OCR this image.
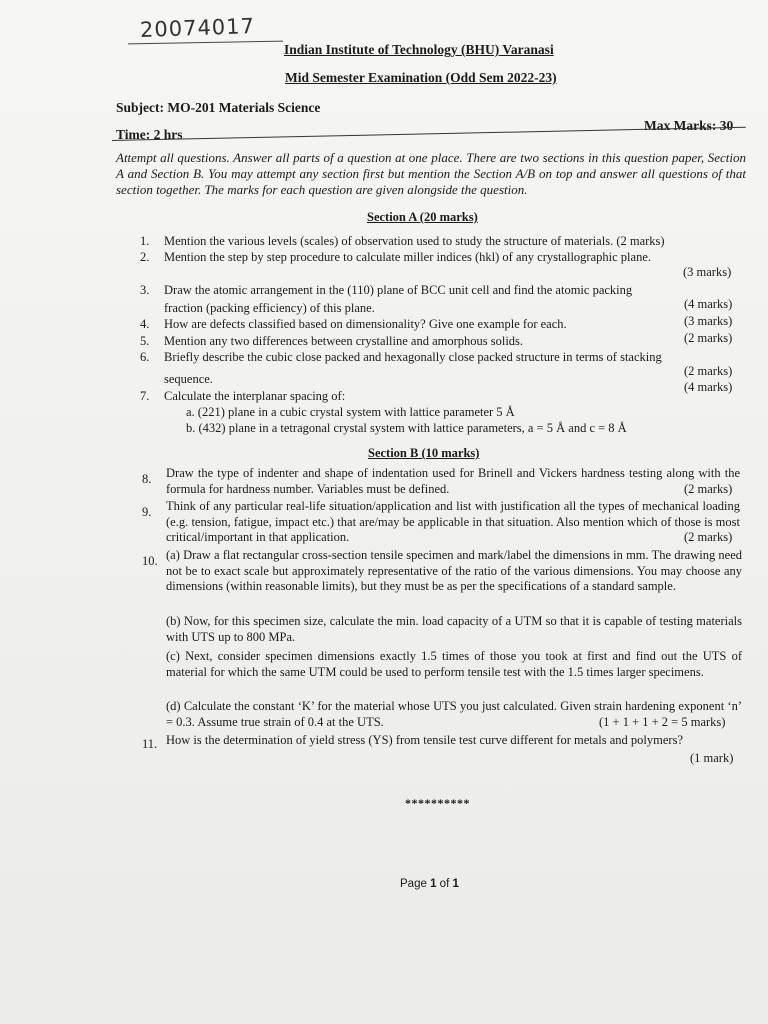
20074017
Indian Institute of Technology (BHU) Varanasi
Mid Semester Examination (Odd Sem 2022-23)
Subject: MO-201 Materials Science
Max Marks: 30
Time: 2 hrs
Attempt all questions. Answer all parts of a question at one place. There are two sections in this question paper, Section A and Section B. You may attempt any section first but mention the Section A/B on top and answer all questions of that section together. The marks for each question are given alongside the question.
Section A (20 marks)
1. Mention the various levels (scales) of observation used to study the structure of materials. (2 marks)
2. Mention the step by step procedure to calculate miller indices (hkl) of any crystallographic plane.
(3 marks)
3. Draw the atomic arrangement in the (110) plane of BCC unit cell and find the atomic packing
fraction (packing efficiency) of this plane.	(4 marks)
4. How are defects classified based on dimensionality? Give one example for each.	(3 marks)
5. Mention any two differences between crystalline and amorphous solids.	(2 marks)
6. Briefly describe the cubic close packed and hexagonally close packed structure in terms of stacking
sequence.
(2 marks)
7. Calculate the interplanar spacing of:
(4 marks)
a. (221) plane in a cubic crystal system with lattice parameter 5 Å
b. (432) plane in a tetragonal crystal system with lattice parameters, a = 5 Å and c = 8 Å
Section B (10 marks)
8. Draw the type of indenter and shape of indentation used for Brinell and Vickers hardness testing along with the formula for hardness number. Variables must be defined.	(2 marks)
9. Think of any particular real-life situation/application and list with justification all the types of mechanical loading (e.g. tension, fatigue, impact etc.) that are/may be applicable in that situation. Also mention which of those is most critical/important in that application.	(2 marks)
10. (a) Draw a flat rectangular cross-section tensile specimen and mark/label the dimensions in mm. The drawing need not be to exact scale but approximately representative of the ratio of the various dimensions. You may choose any dimensions (within reasonable limits), but they must be as per the specifications of a standard sample.
(b) Now, for this specimen size, calculate the min. load capacity of a UTM so that it is capable of testing materials with UTS up to 800 MPa.
(c) Next, consider specimen dimensions exactly 1.5 times of those you took at first and find out the UTS of material for which the same UTM could be used to perform tensile test with the 1.5 times larger specimens.
(d) Calculate the constant ‘K’ for the material whose UTS you just calculated. Given strain hardening exponent ‘n’ = 0.3. Assume true strain of 0.4 at the UTS.	(1 + 1 + 1 + 2 = 5 marks)
11. How is the determination of yield stress (YS) from tensile test curve different for metals and polymers?
(1 mark)
**********
Page 1 of 1
